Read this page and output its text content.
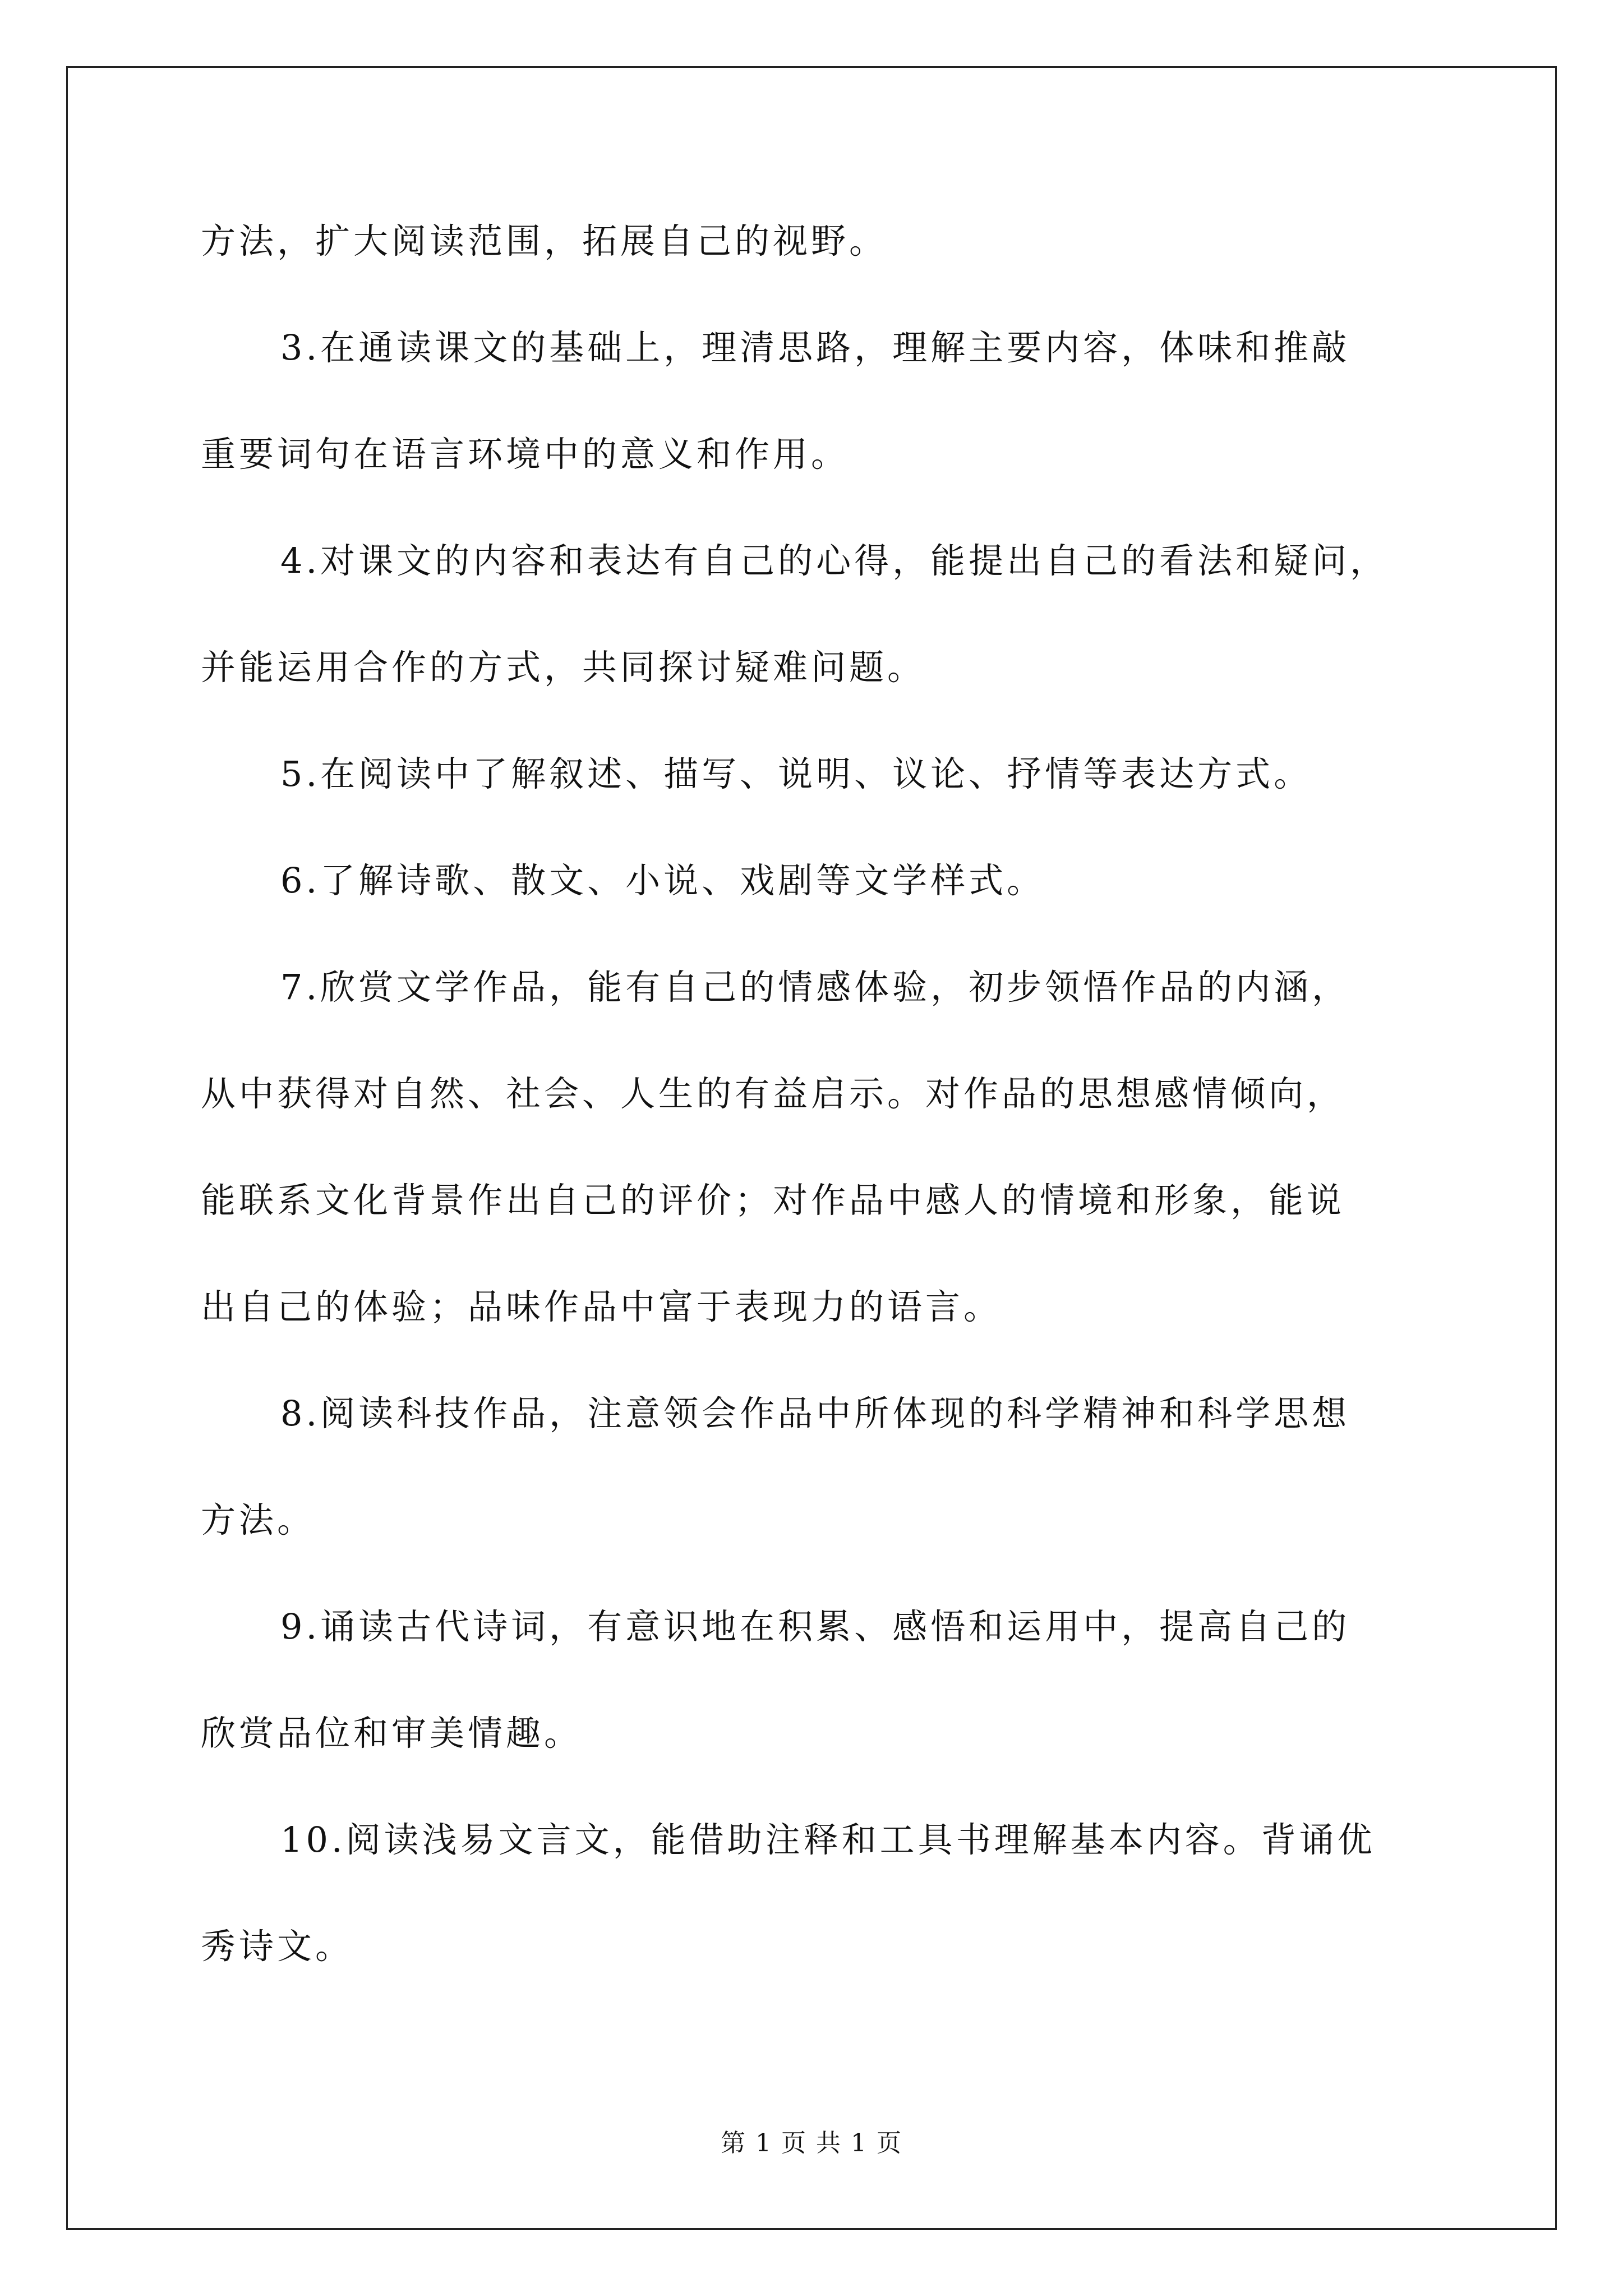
方法，扩大阅读范围，拓展自己的视野。
3.在通读课文的基础上，理清思路，理解主要内容，体味和推敲
重要词句在语言环境中的意义和作用。
4.对课文的内容和表达有自己的心得，能提出自己的看法和疑问，
并能运用合作的方式，共同探讨疑难问题。
5.在阅读中了解叙述、描写、说明、议论、抒情等表达方式。
6.了解诗歌、散文、小说、戏剧等文学样式。
7.欣赏文学作品，能有自己的情感体验，初步领悟作品的内涵，
从中获得对自然、社会、人生的有益启示。对作品的思想感情倾向，
能联系文化背景作出自己的评价；对作品中感人的情境和形象，能说
出自己的体验；品味作品中富于表现力的语言。
8.阅读科技作品，注意领会作品中所体现的科学精神和科学思想
方法。
9.诵读古代诗词，有意识地在积累、感悟和运用中，提高自己的
欣赏品位和审美情趣。
10.阅读浅易文言文，能借助注释和工具书理解基本内容。背诵优
秀诗文。
第 1 页 共 1 页
